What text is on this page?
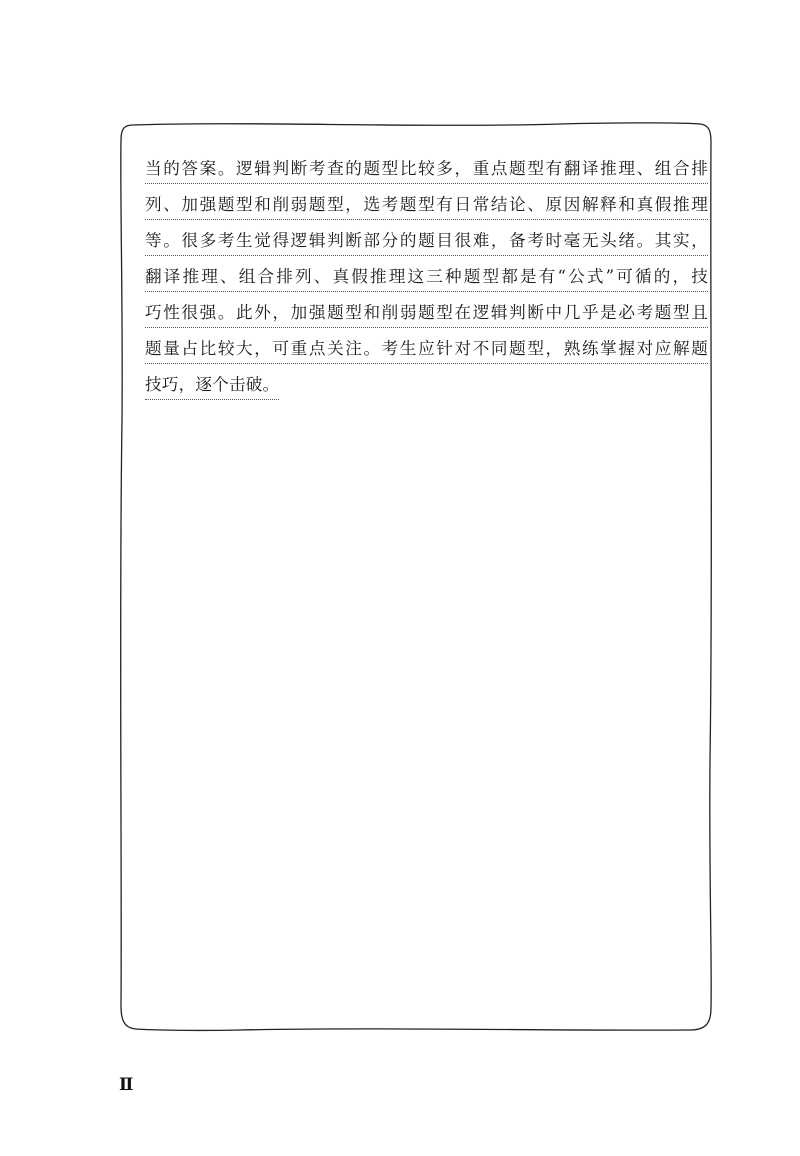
当的答案。逻辑判断考查的题型比较多，重点题型有翻译推理、组合排
列、加强题型和削弱题型，选考题型有日常结论、原因解释和真假推理
等。很多考生觉得逻辑判断部分的题目很难，备考时毫无头绪。其实，
翻译推理、组合排列、真假推理这三种题型都是有“公式”可循的，技
巧性很强。此外，加强题型和削弱题型在逻辑判断中几乎是必考题型且
题量占比较大，可重点关注。考生应针对不同题型，熟练掌握对应解题
技巧，逐个击破。
Ⅱ
